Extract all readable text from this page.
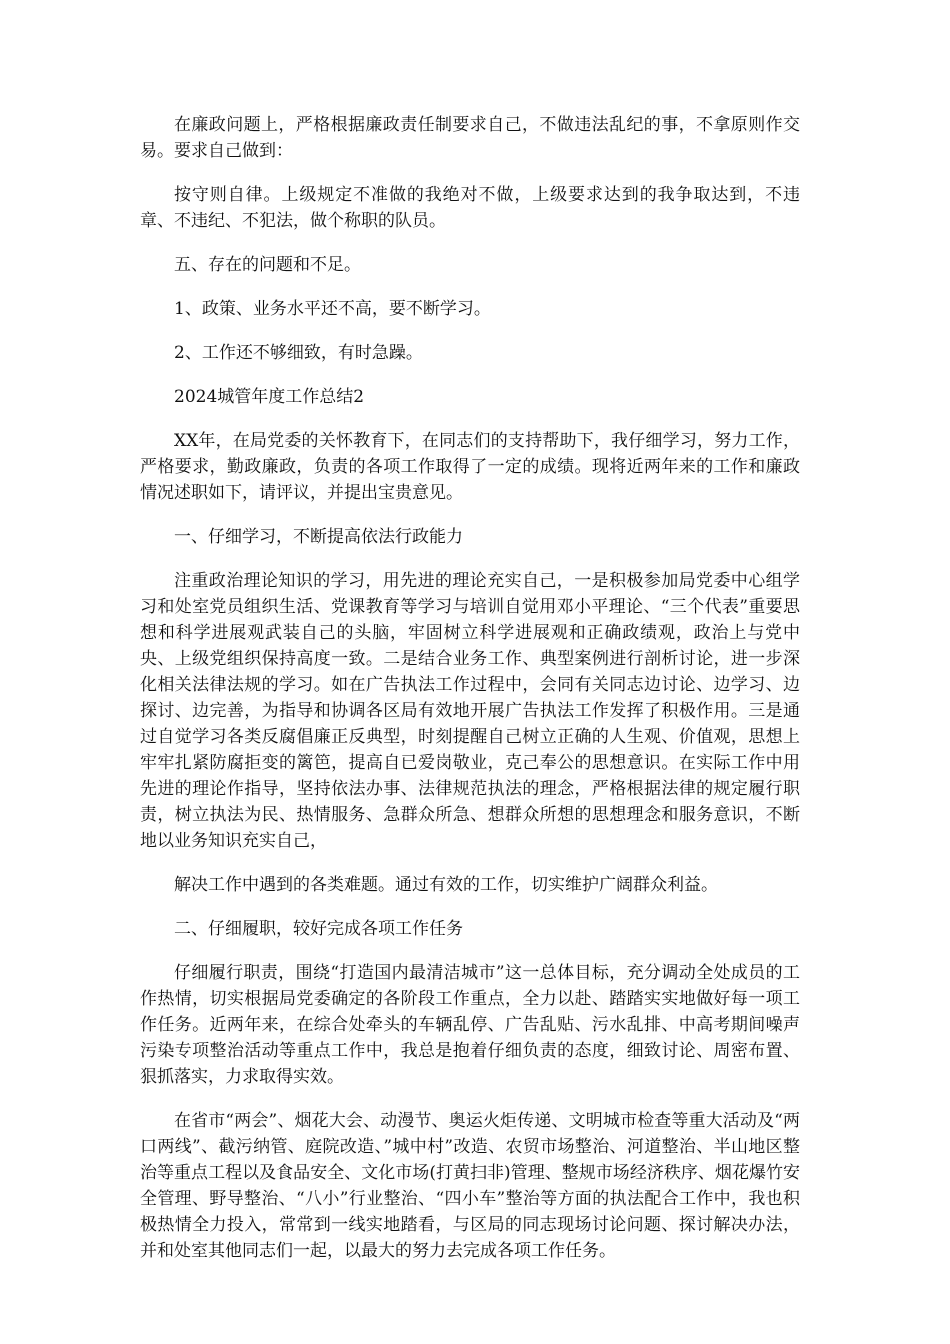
在廉政问题上，严格根据廉政责任制要求自己，不做违法乱纪的事，不拿原则作交易。要求自己做到：

按守则自律。上级规定不准做的我绝对不做，上级要求达到的我争取达到，不违章、不违纪、不犯法，做个称职的队员。

五、存在的问题和不足。

1、政策、业务水平还不高，要不断学习。

2、工作还不够细致，有时急躁。

2024城管年度工作总结2

XX年，在局党委的关怀教育下，在同志们的支持帮助下，我仔细学习，努力工作，严格要求，勤政廉政，负责的各项工作取得了一定的成绩。现将近两年来的工作和廉政情况述职如下，请评议，并提出宝贵意见。

一、仔细学习，不断提高依法行政能力

注重政治理论知识的学习，用先进的理论充实自己，一是积极参加局党委中心组学习和处室党员组织生活、党课教育等学习与培训自觉用邓小平理论、“三个代表”重要思想和科学进展观武装自己的头脑，牢固树立科学进展观和正确政绩观，政治上与党中央、上级党组织保持高度一致。二是结合业务工作、典型案例进行剖析讨论，进一步深化相关法律法规的学习。如在广告执法工作过程中，会同有关同志边讨论、边学习、边探讨、边完善，为指导和协调各区局有效地开展广告执法工作发挥了积极作用。三是通过自觉学习各类反腐倡廉正反典型，时刻提醒自己树立正确的人生观、价值观，思想上牢牢扎紧防腐拒变的篱笆，提高自已爱岗敬业，克己奉公的思想意识。在实际工作中用先进的理论作指导，坚持依法办事、法律规范执法的理念，严格根据法律的规定履行职责，树立执法为民、热情服务、急群众所急、想群众所想的思想理念和服务意识，不断地以业务知识充实自己，

解决工作中遇到的各类难题。通过有效的工作，切实维护广阔群众利益。

二、仔细履职，较好完成各项工作任务

仔细履行职责，围绕“打造国内最清洁城市”这一总体目标，充分调动全处成员的工作热情，切实根据局党委确定的各阶段工作重点，全力以赴、踏踏实实地做好每一项工作任务。近两年来，在综合处牵头的车辆乱停、广告乱贴、污水乱排、中高考期间噪声污染专项整治活动等重点工作中，我总是抱着仔细负责的态度，细致讨论、周密布置、狠抓落实，力求取得实效。

在省市“两会”、烟花大会、动漫节、奥运火炬传递、文明城市检查等重大活动及“两口两线”、截污纳管、庭院改造、”城中村”改造、农贸市场整治、河道整治、半山地区整治等重点工程以及食品安全、文化市场(打黄扫非)管理、整规市场经济秩序、烟花爆竹安全管理、野导整治、“八小”行业整治、“四小车”整治等方面的执法配合工作中，我也积极热情全力投入，常常到一线实地踏看，与区局的同志现场讨论问题、探讨解决办法，并和处室其他同志们一起，以最大的努力去完成各项工作任务。
